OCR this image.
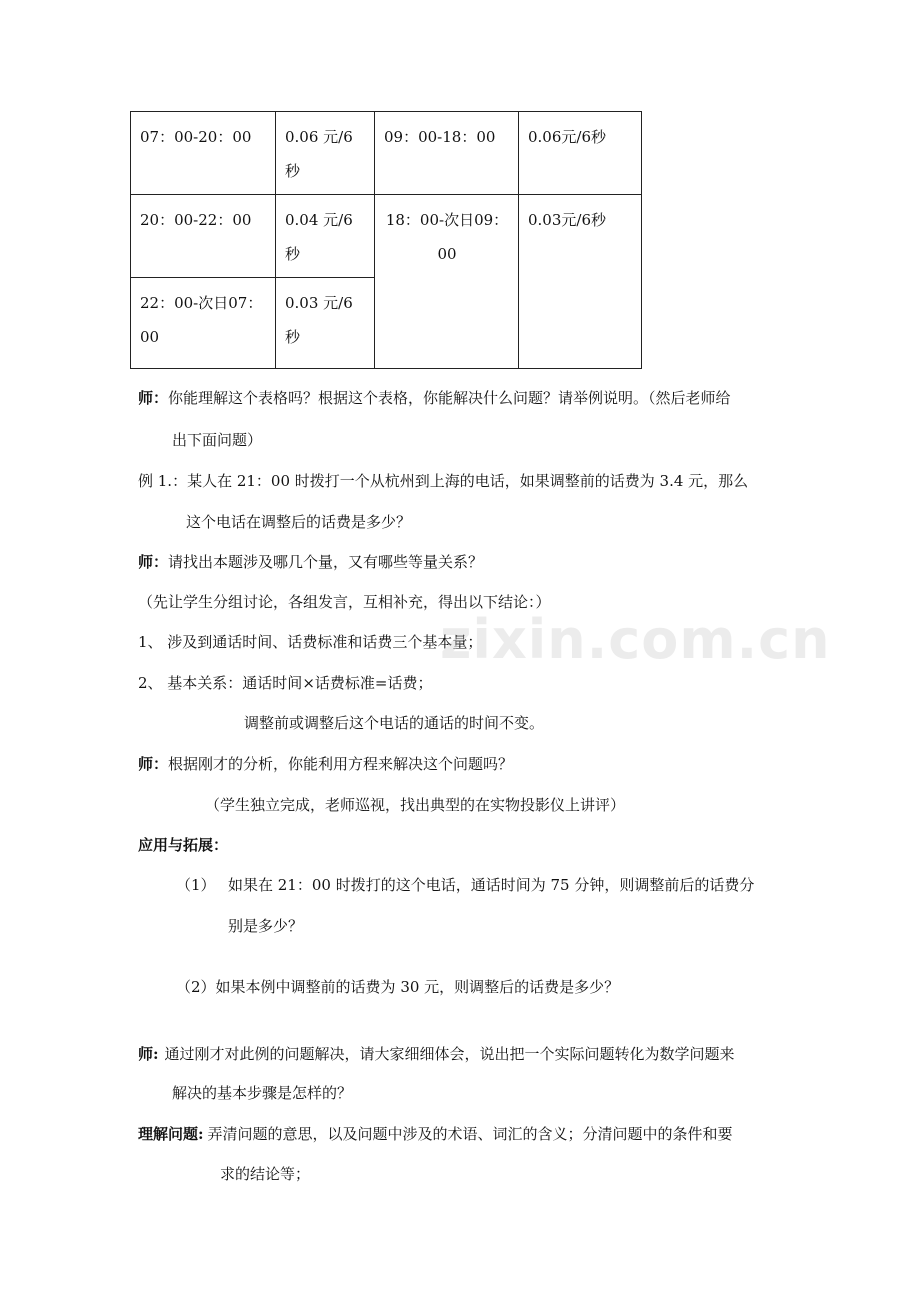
07：00-20：00	0.06 元/6秒	09：00-18：00	0.06元/6秒
20：00-22：00	0.04 元/6秒	18：00-次日09：00	0.03元/6秒
22：00-次日07：00	0.03 元/6秒		
师：你能理解这个表格吗？根据这个表格，你能解决什么问题？请举例说明。（然后老师给
出下面问题）
例 1.：某人在 21：00 时拨打一个从杭州到上海的电话，如果调整前的话费为 3.4 元，那么
这个电话在调整后的话费是多少？
师：请找出本题涉及哪几个量，又有哪些等量关系？
（先让学生分组讨论，各组发言，互相补充，得出以下结论：）
1、 涉及到通话时间、话费标准和话费三个基本量；
2、 基本关系：通话时间×话费标准=话费；
调整前或调整后这个电话的通话的时间不变。
师：根据刚才的分析，你能利用方程来解决这个问题吗？
（学生独立完成，老师巡视，找出典型的在实物投影仪上讲评）
应用与拓展：
（1） 如果在 21：00 时拨打的这个电话，通话时间为 75 分钟，则调整前后的话费分
别是多少？
（2）如果本例中调整前的话费为 30 元，则调整后的话费是多少？
师: 通过刚才对此例的问题解决，请大家细细体会，说出把一个实际问题转化为数学问题来
解决的基本步骤是怎样的？
理解问题: 弄清问题的意思，以及问题中涉及的术语、词汇的含义；分清问题中的条件和要
求的结论等；
zixin.com.cn
